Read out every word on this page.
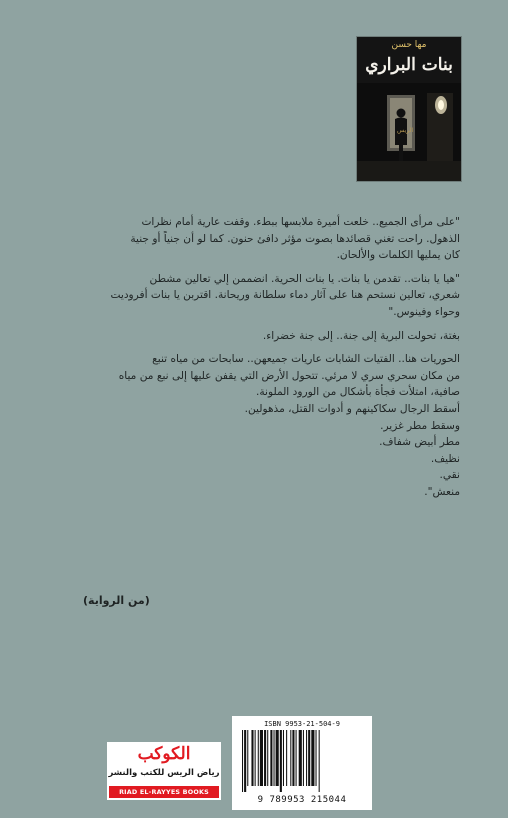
مها حسن
بنات البراري
الريس
"على مرأى الجميع.. خلعت أميرة ملابسها ببطء. وقفت عارية أمام نظرات
الذهول. راحت تغني قصائدها بصوت مؤثر دافئ حنون. كما لو أن جنياً أو جنية
كان يمليها الكلمات والألحان.
"هيا يا بنات.. تقدمن يا بنات. يا بنات الحرية. انضممن إلي تعالين مشطن
شعري، تعالين نستحم هنا على آثار دماء سلطانة وريحانة. اقتربن يا بنات أفروديت
وحواء وفينوس."
بغتة، تحولت البرية إلى جنة.. إلى جنة خضراء.
الحوريات هنا.. الفتيات الشابات عاريات جميعهن.. سابحات من مياه تنبع
من مكان سحري سري لا مرئي. تتحول الأرض التي يقفن عليها إلى نبع من مياه
صافية، امتلأت فجأة بأشكال من الورود الملونة.
أسقط الرجال سكاكينهم و أدوات القتل، مذهولين.
وسقط مطر غزير.
مطر أبيض شفاف.
نظيف.
نقي.
منعش".
(من الرواية)
ISBN 9953-21-504-9
9 789953 215044
الكوكب
رياض الريس للكتب والنشر
RIAD EL-RAYYES BOOKS
